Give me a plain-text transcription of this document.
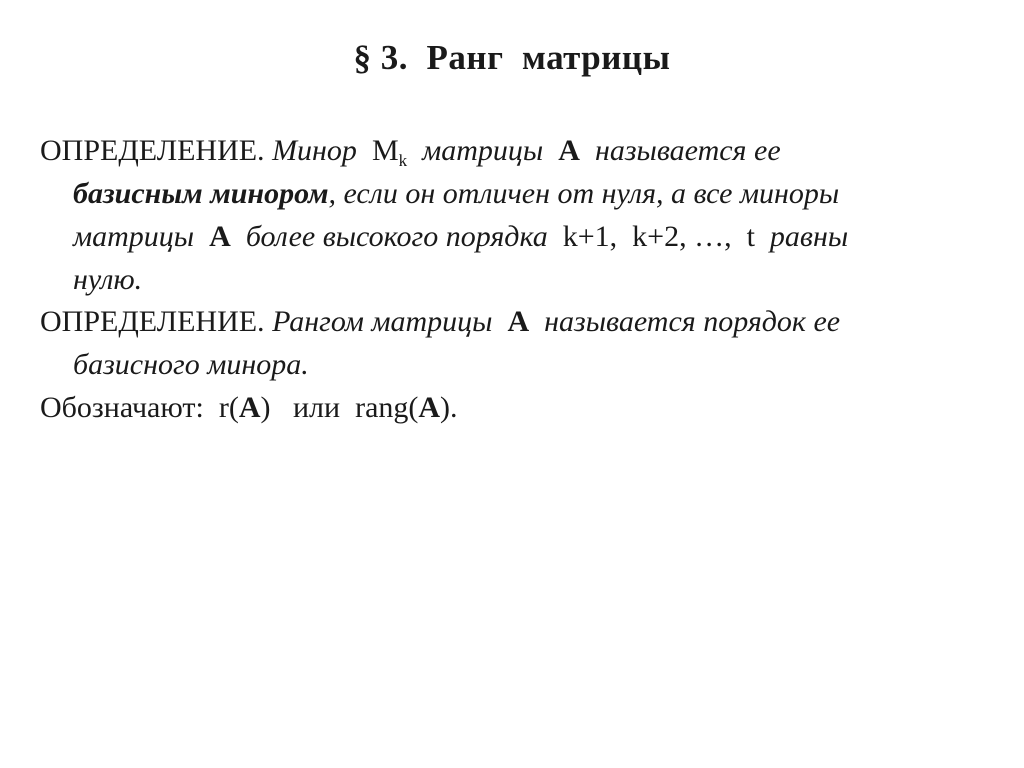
§ 3.  Ранг  матрицы
ОПРЕДЕЛЕНИЕ. Минор $M_k$ матрицы A называется ее
базисным минором, если он отличен от нуля, а все миноры
матрицы A более высокого порядка k+1,  k+2, …,  t равны
нулю.
ОПРЕДЕЛЕНИЕ. Рангом матрицы A называется порядок ее
базисного минора.
Обозначают: r(A) или rang(A).
